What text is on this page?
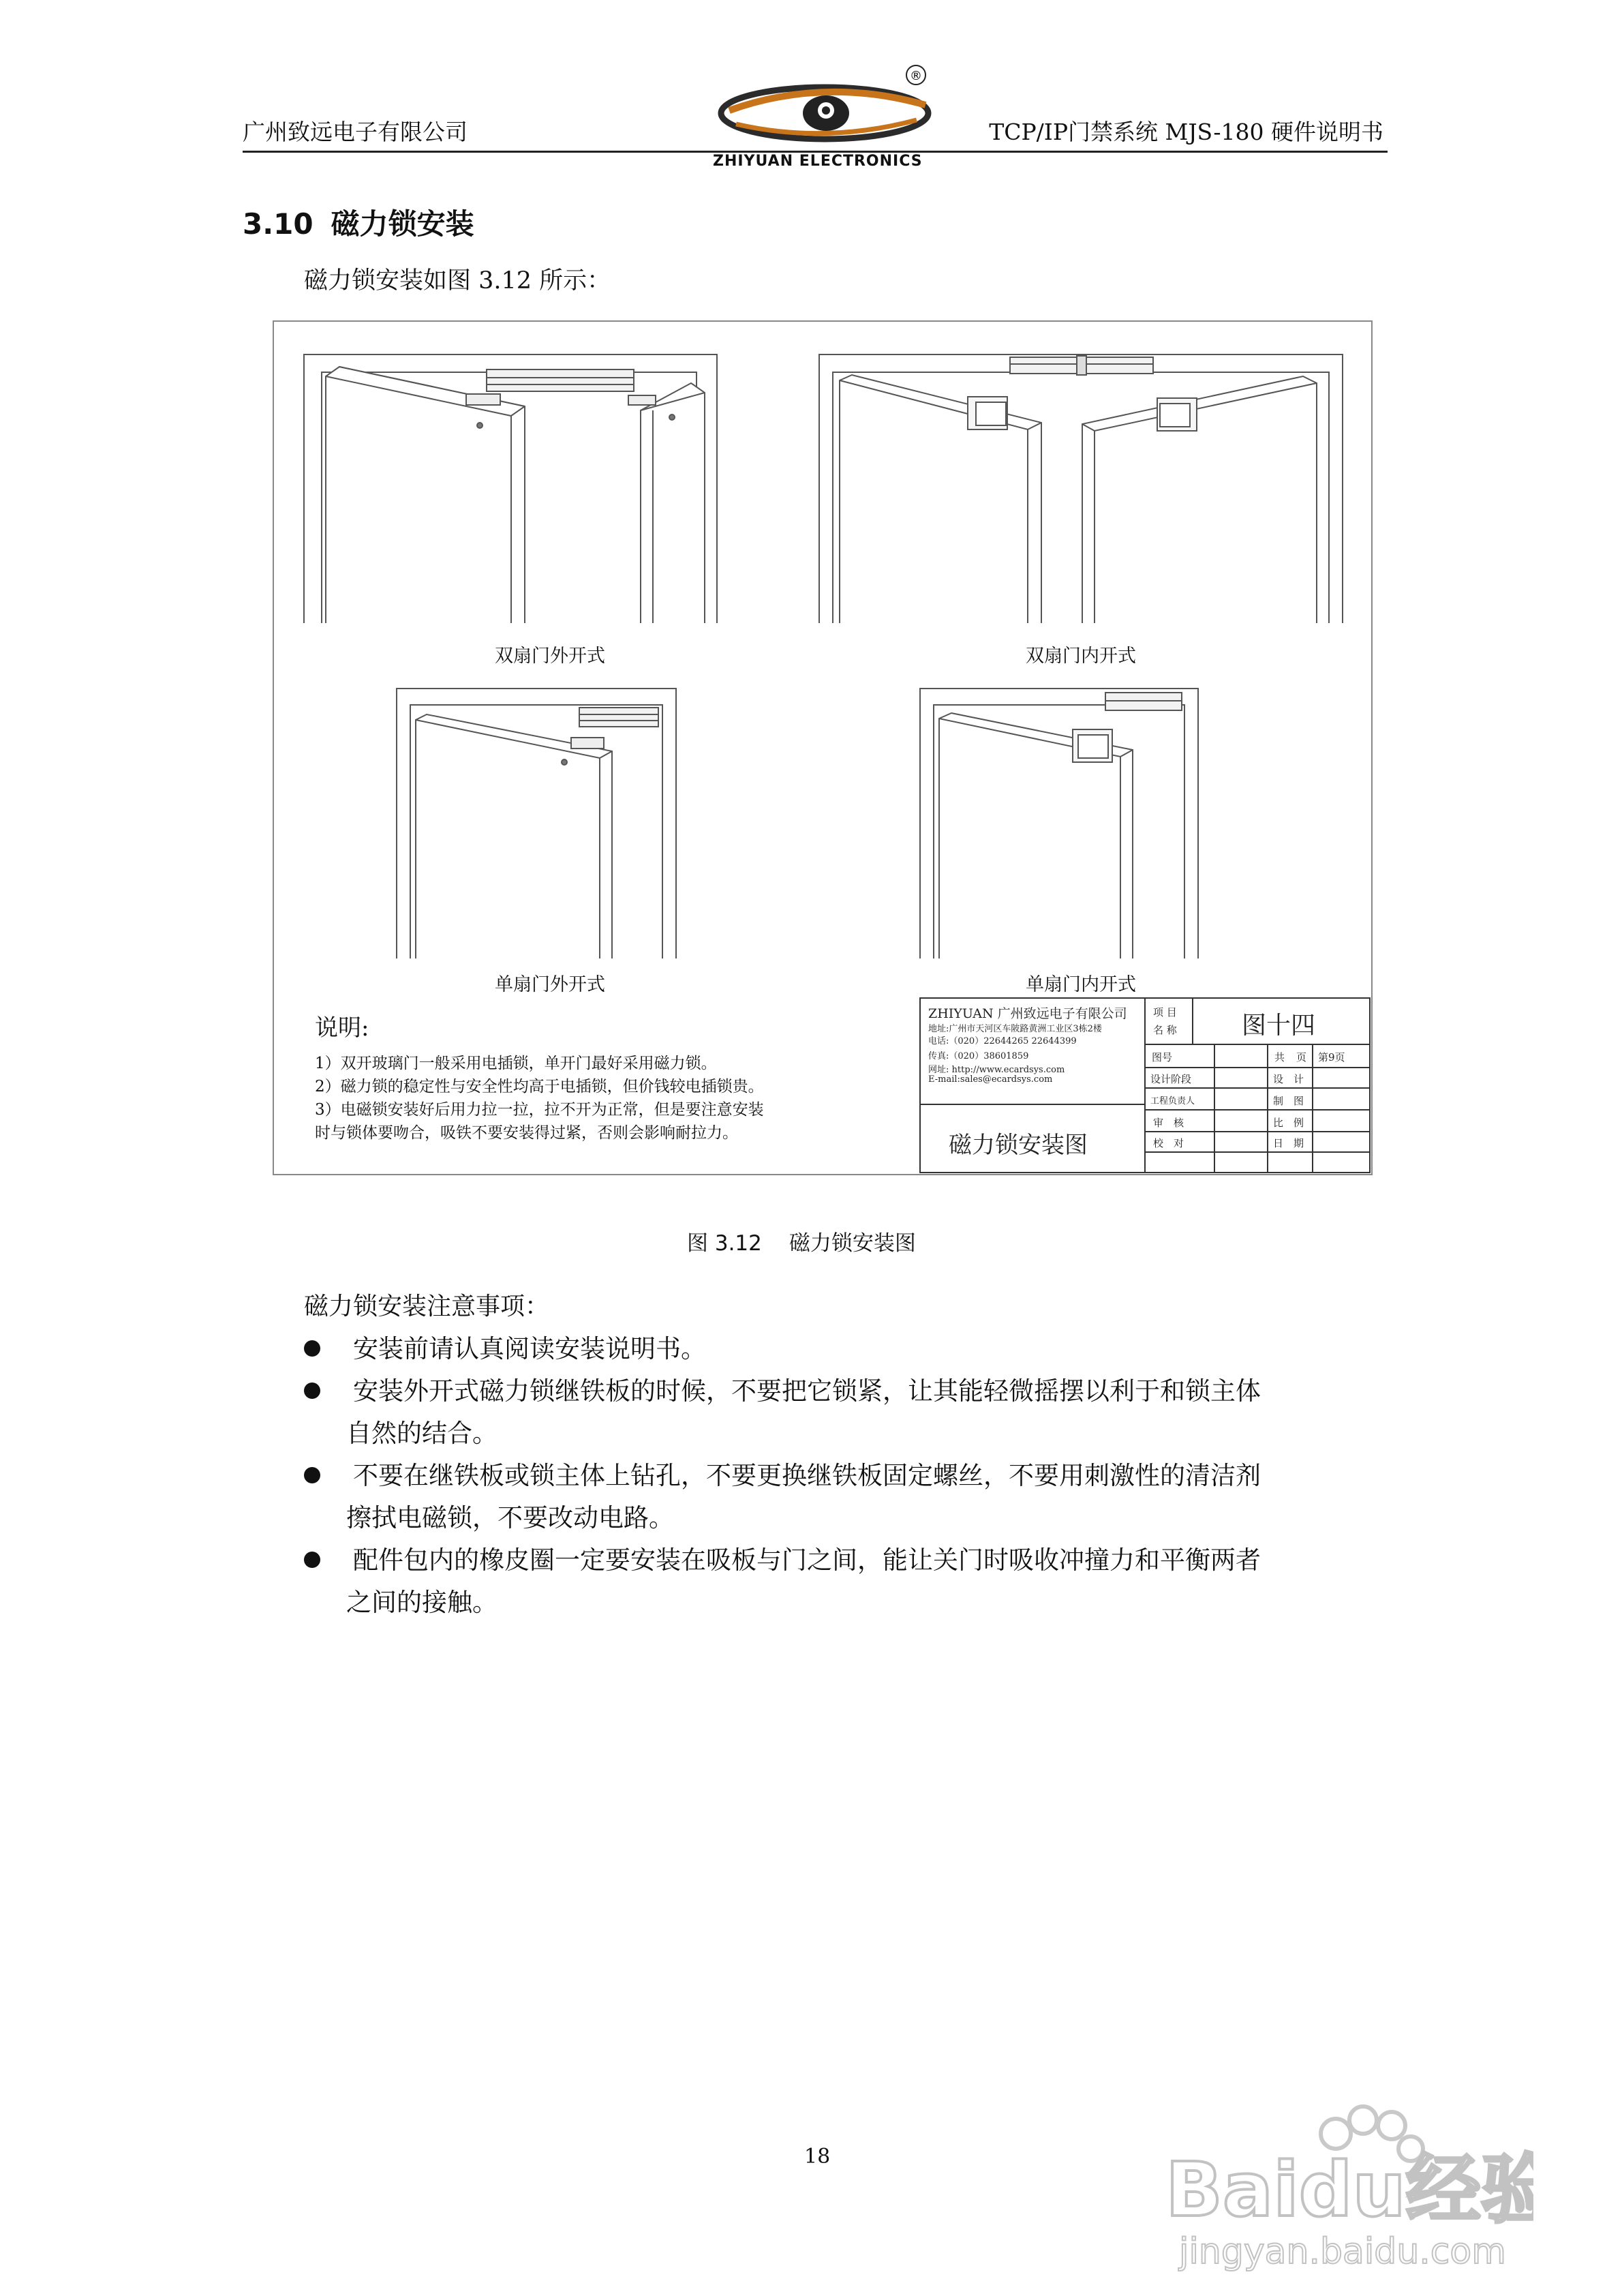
广州致远电子有限公司
®
ZHIYUAN ELECTRONICS
TCP/IP门禁系统 MJS-180 硬件说明书
3.10 磁力锁安装
磁力锁安装如图 3.12 所示：
双扇门外开式	双扇门内开式
单扇门外开式	单扇门内开式
说明:
1）双开玻璃门一般采用电插锁，单开门最好采用磁力锁。
2）磁力锁的稳定性与安全性均高于电插锁，但价钱较电插锁贵。
3）电磁锁安装好后用力拉一拉，拉不开为正常，但是要注意安装
时与锁体要吻合，吸铁不要安装得过紧，否则会影响耐拉力。
ZHIYUAN 广州致远电子有限公司
地址:广州市天河区车陂路黄洲工业区3栋2楼
电话:（020）22644265 22644399
传真:（020）38601859
网址: http://www.ecardsys.com
E-mail:sales@ecardsys.com
磁力锁安装图
项 目
名 称	图十四
图号	共 页 第9页
设计阶段	设　计
工程负责人	制　图
审　核	比　例
校　对	日　期
图 3.12 磁力锁安装图
磁力锁安装注意事项：
安装前请认真阅读安装说明书。
安装外开式磁力锁继铁板的时候，不要把它锁紧，让其能轻微摇摆以利于和锁主体
自然的结合。
不要在继铁板或锁主体上钻孔，不要更换继铁板固定螺丝，不要用刺激性的清洁剂
擦拭电磁锁，不要改动电路。
配件包内的橡皮圈一定要安装在吸板与门之间，能让关门时吸收冲撞力和平衡两者
之间的接触。
18	Baidu经验
jingyan.baidu.com
